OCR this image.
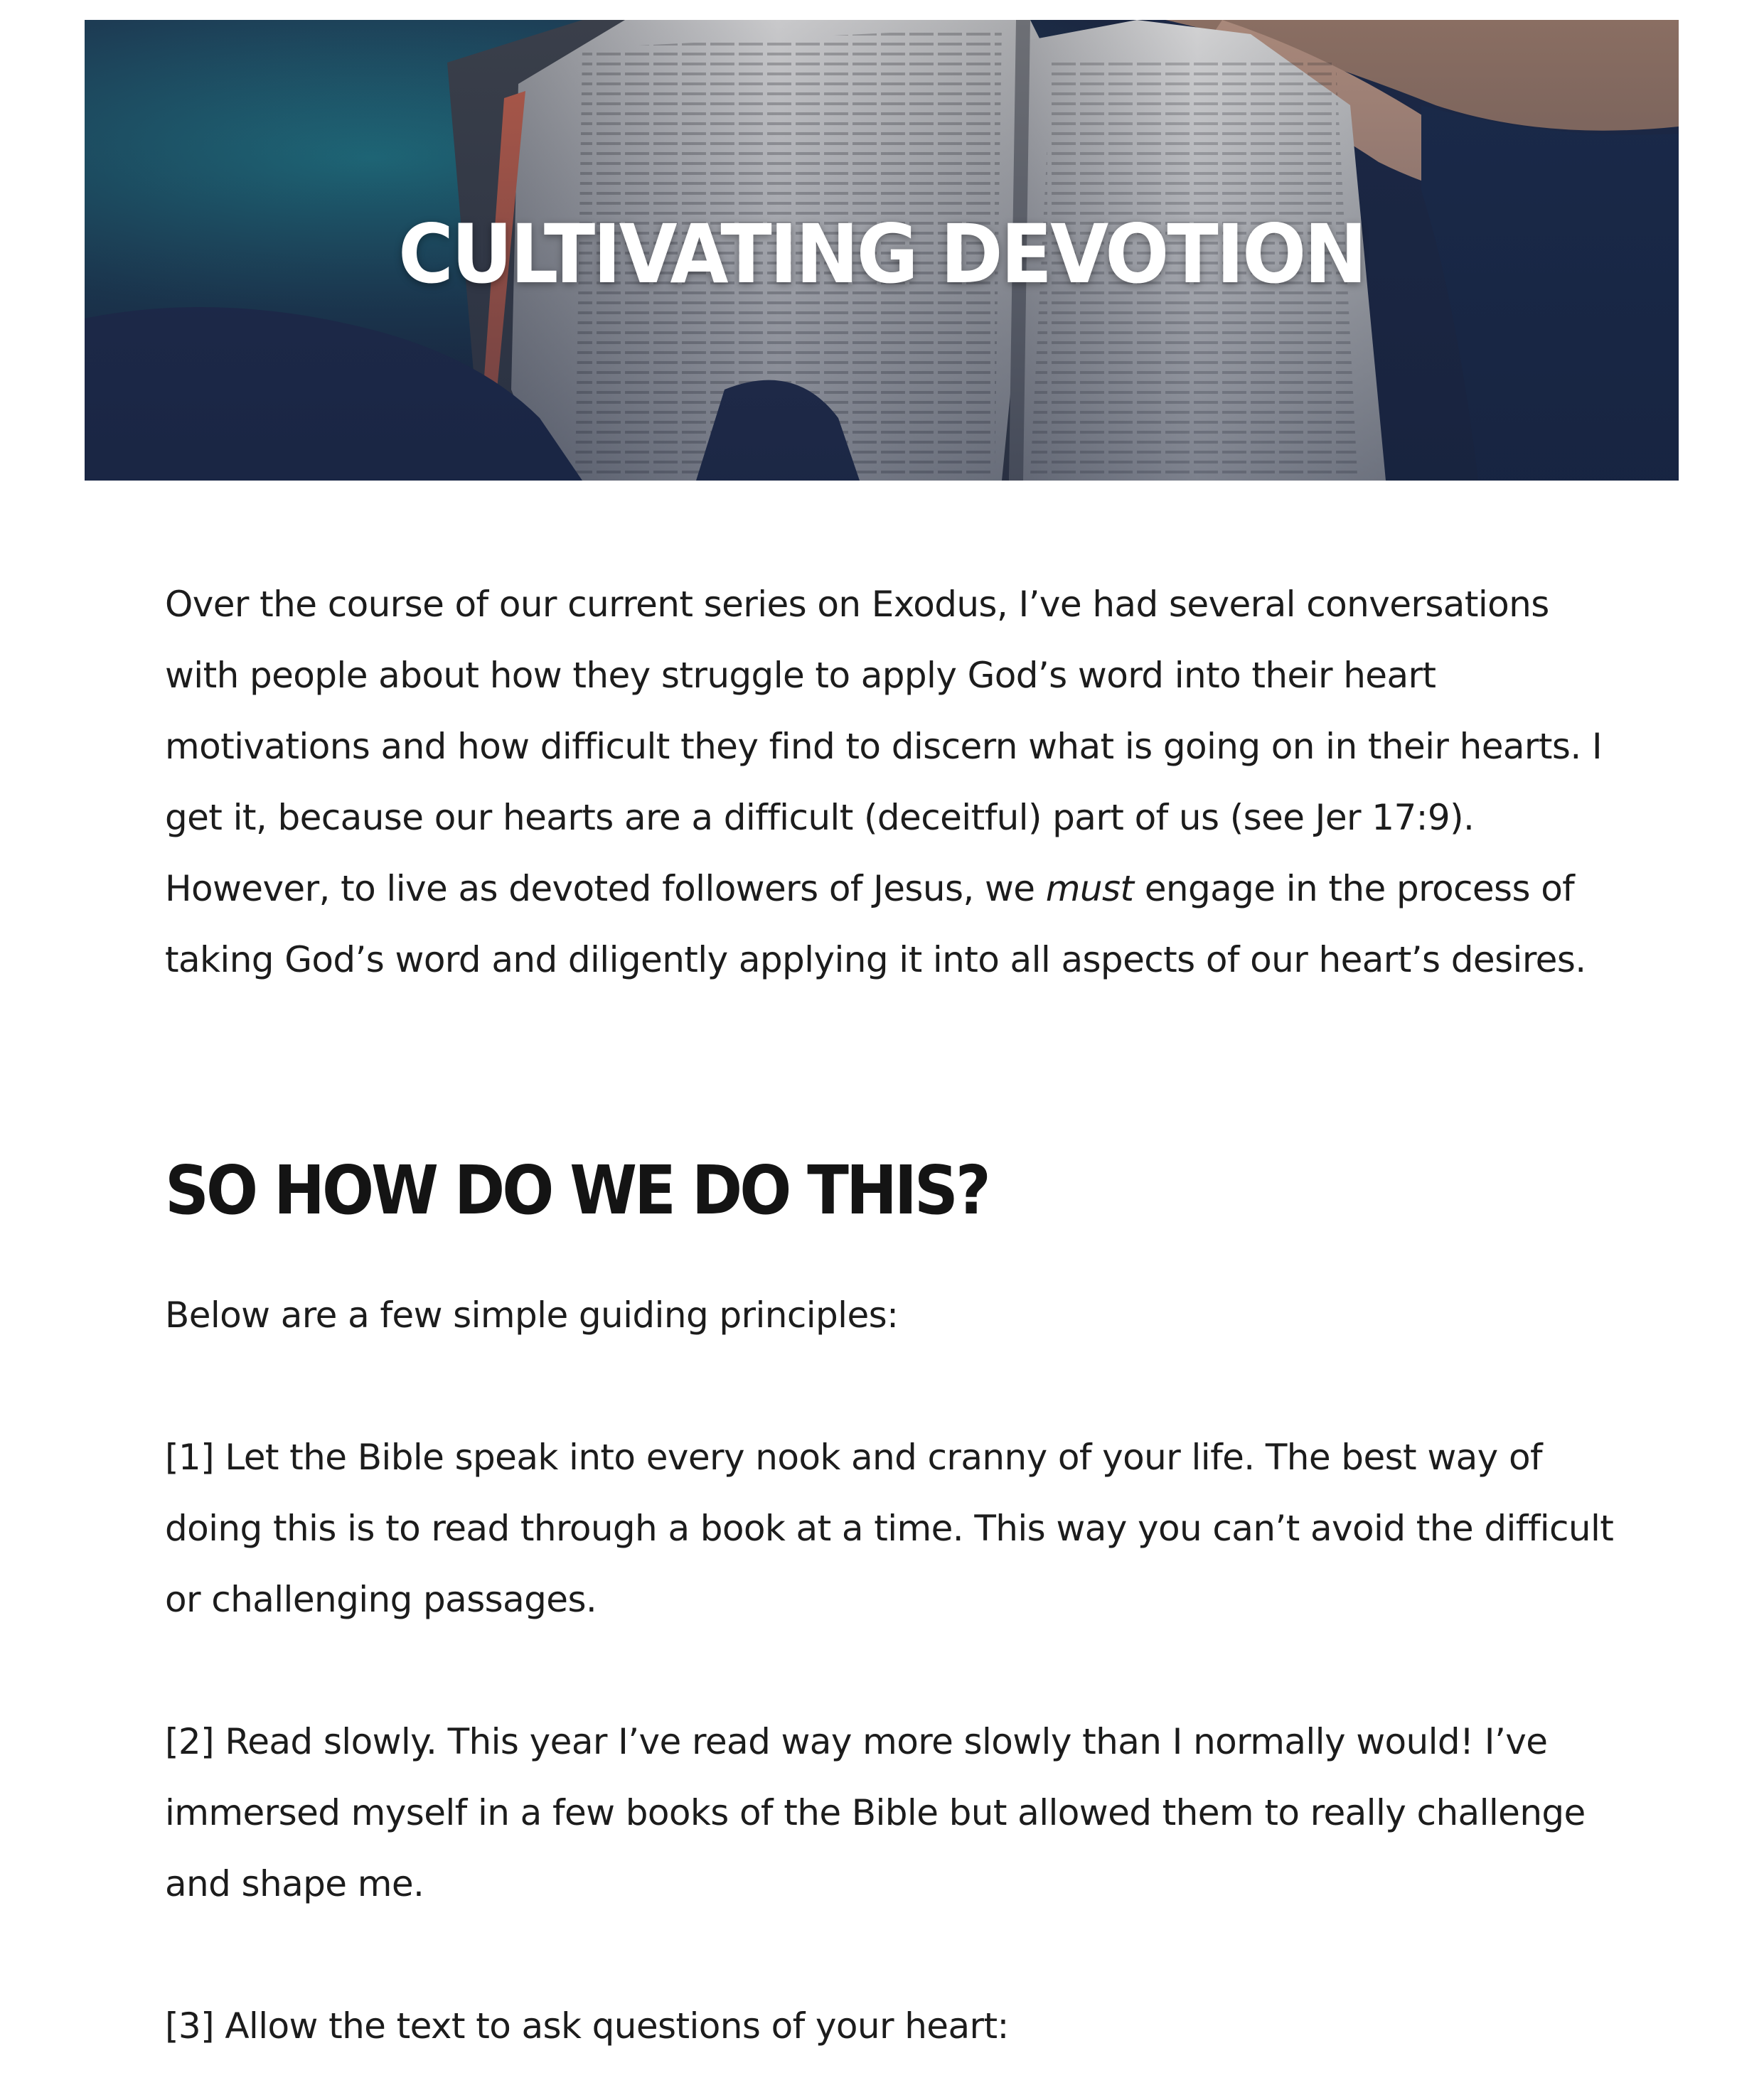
CULTIVATING DEVOTION

Over the course of our current series on Exodus, I’ve had several conversations with people about how they struggle to apply God’s word into their heart motivations and how difficult they find to discern what is going on in their hearts. I get it, because our hearts are a difficult (deceitful) part of us (see Jer 17:9). However, to live as devoted followers of Jesus, we must engage in the process of taking God’s word and diligently applying it into all aspects of our heart’s desires.

SO HOW DO WE DO THIS?

Below are a few simple guiding principles:

[1] Let the Bible speak into every nook and cranny of your life. The best way of doing this is to read through a book at a time. This way you can’t avoid the difficult or challenging passages.

[2] Read slowly. This year I’ve read way more slowly than I normally would! I’ve immersed myself in a few books of the Bible but allowed them to really challenge and shape me.

[3] Allow the text to ask questions of your heart:
